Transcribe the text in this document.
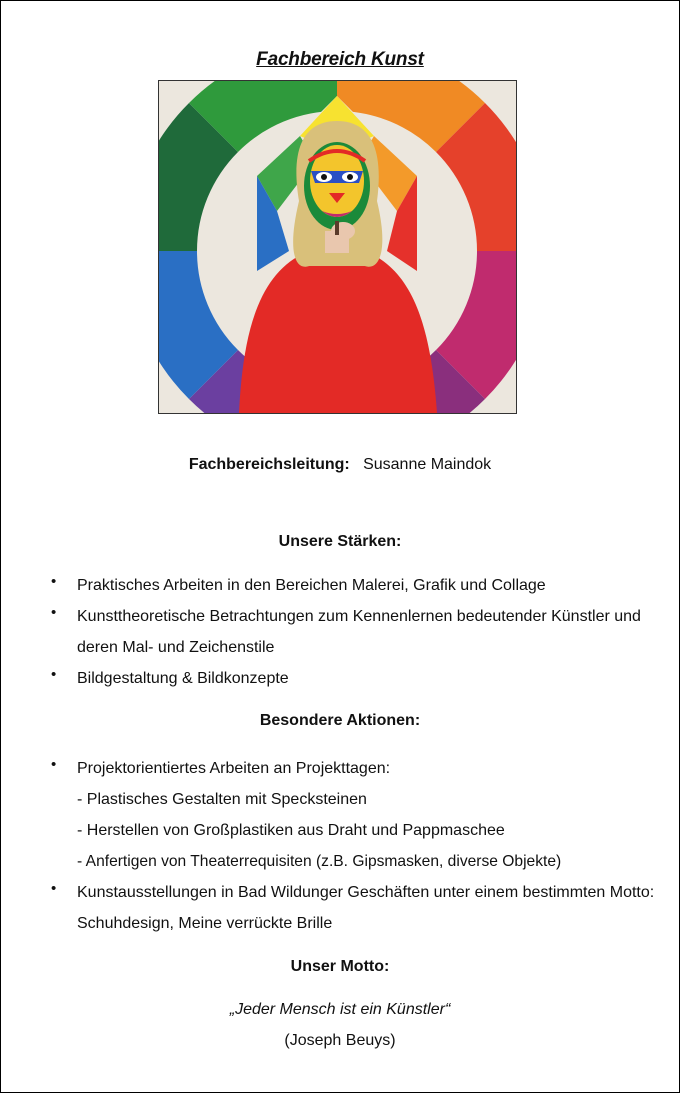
Fachbereich Kunst
Fachbereichsleitung: Susanne Maindok
Unsere Stärken:
• Praktisches Arbeiten in den Bereichen Malerei, Grafik und Collage
• Kunsttheoretische Betrachtungen zum Kennenlernen bedeutender Künstler und deren Mal- und Zeichenstile
• Bildgestaltung & Bildkonzepte
Besondere Aktionen:
• Projektorientiertes Arbeiten an Projekttagen:
- Plastisches Gestalten mit Specksteinen
- Herstellen von Großplastiken aus Draht und Pappmaschee
- Anfertigen von Theaterrequisiten (z.B. Gipsmasken, diverse Objekte)
• Kunstausstellungen in Bad Wildunger Geschäften unter einem bestimmten Motto: Schuhdesign, Meine verrückte Brille
Unser Motto:
„Jeder Mensch ist ein Künstler“
(Joseph Beuys)
